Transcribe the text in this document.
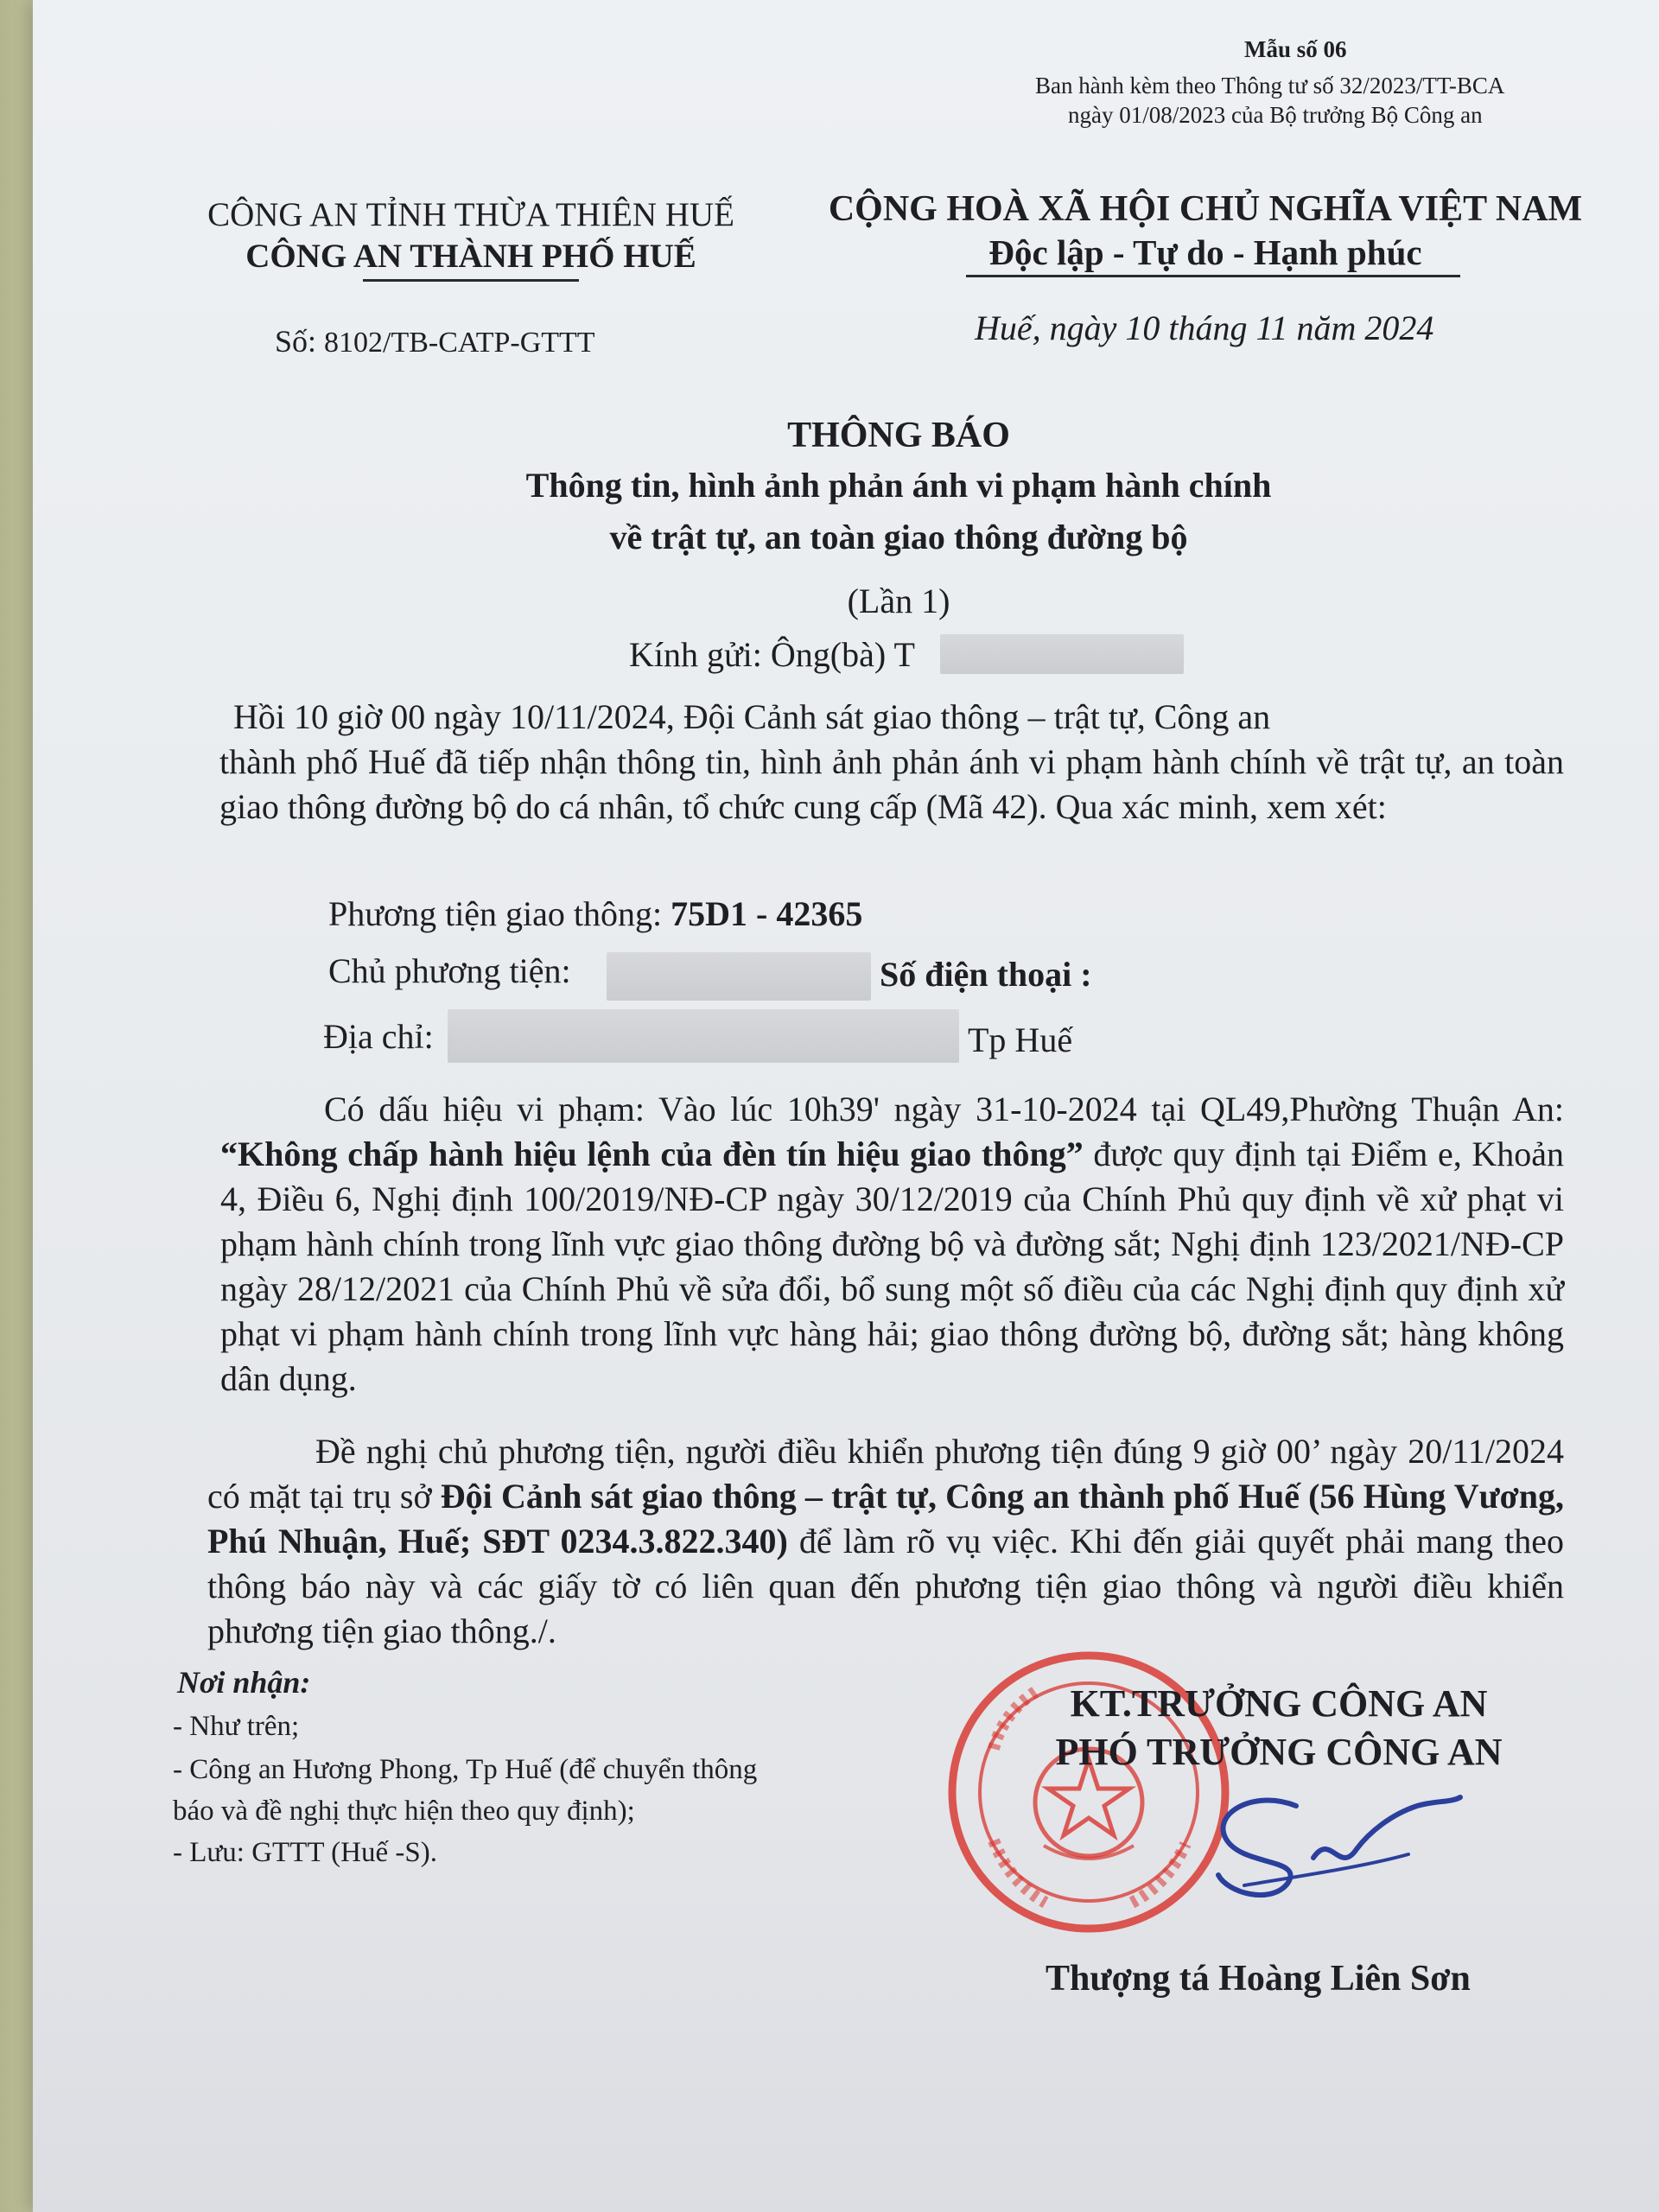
Mẫu số 06
Ban hành kèm theo Thông tư số 32/2023/TT-BCA
ngày 01/08/2023 của Bộ trưởng Bộ Công an
CÔNG AN TỈNH THỪA THIÊN HUẾ
CÔNG AN THÀNH PHỐ HUẾ
Số: 8102/TB-CATP-GTTT
CỘNG HOÀ XÃ HỘI CHỦ NGHĨA VIỆT NAM
Độc lập - Tự do - Hạnh phúc
Huế, ngày 10 tháng 11 năm 2024
THÔNG BÁO
Thông tin, hình ảnh phản ánh vi phạm hành chính
về trật tự, an toàn giao thông đường bộ
(Lần 1)
Kính gửi: Ông(bà) T
Hồi 10 giờ 00 ngày 10/11/2024, Đội Cảnh sát giao thông – trật tự, Công an
thành phố Huế đã tiếp nhận thông tin, hình ảnh phản ánh vi phạm hành chính về trật tự, an toàn giao thông đường bộ do cá nhân, tổ chức cung cấp (Mã 42). Qua xác minh, xem xét:
Phương tiện giao thông: 75D1 - 42365
Chủ phương tiện:	Số điện thoại :
Địa chỉ:	Tp Huế
Có dấu hiệu vi phạm: Vào lúc 10h39' ngày 31-10-2024 tại QL49,Phường Thuận An: “Không chấp hành hiệu lệnh của đèn tín hiệu giao thông” được quy định tại Điểm e, Khoản 4, Điều 6, Nghị định 100/2019/NĐ-CP ngày 30/12/2019 của Chính Phủ quy định về xử phạt vi phạm hành chính trong lĩnh vực giao thông đường bộ và đường sắt; Nghị định 123/2021/NĐ-CP ngày 28/12/2021 của Chính Phủ về sửa đổi, bổ sung một số điều của các Nghị định quy định xử phạt vi phạm hành chính trong lĩnh vực hàng hải; giao thông đường bộ, đường sắt; hàng không dân dụng.
Đề nghị chủ phương tiện, người điều khiển phương tiện đúng 9 giờ 00’ ngày 20/11/2024 có mặt tại trụ sở Đội Cảnh sát giao thông – trật tự, Công an thành phố Huế (56 Hùng Vương, Phú Nhuận, Huế; SĐT 0234.3.822.340) để làm rõ vụ việc. Khi đến giải quyết phải mang theo thông báo này và các giấy tờ có liên quan đến phương tiện giao thông và người điều khiển phương tiện giao thông./.
Nơi nhận:
- Như trên;
- Công an Hương Phong, Tp Huế (để chuyển thông
báo và đề nghị thực hiện theo quy định);
- Lưu: GTTT (Huế -S).
KT.TRƯỞNG CÔNG AN
PHÓ TRƯỞNG CÔNG AN
Thượng tá Hoàng Liên Sơn
